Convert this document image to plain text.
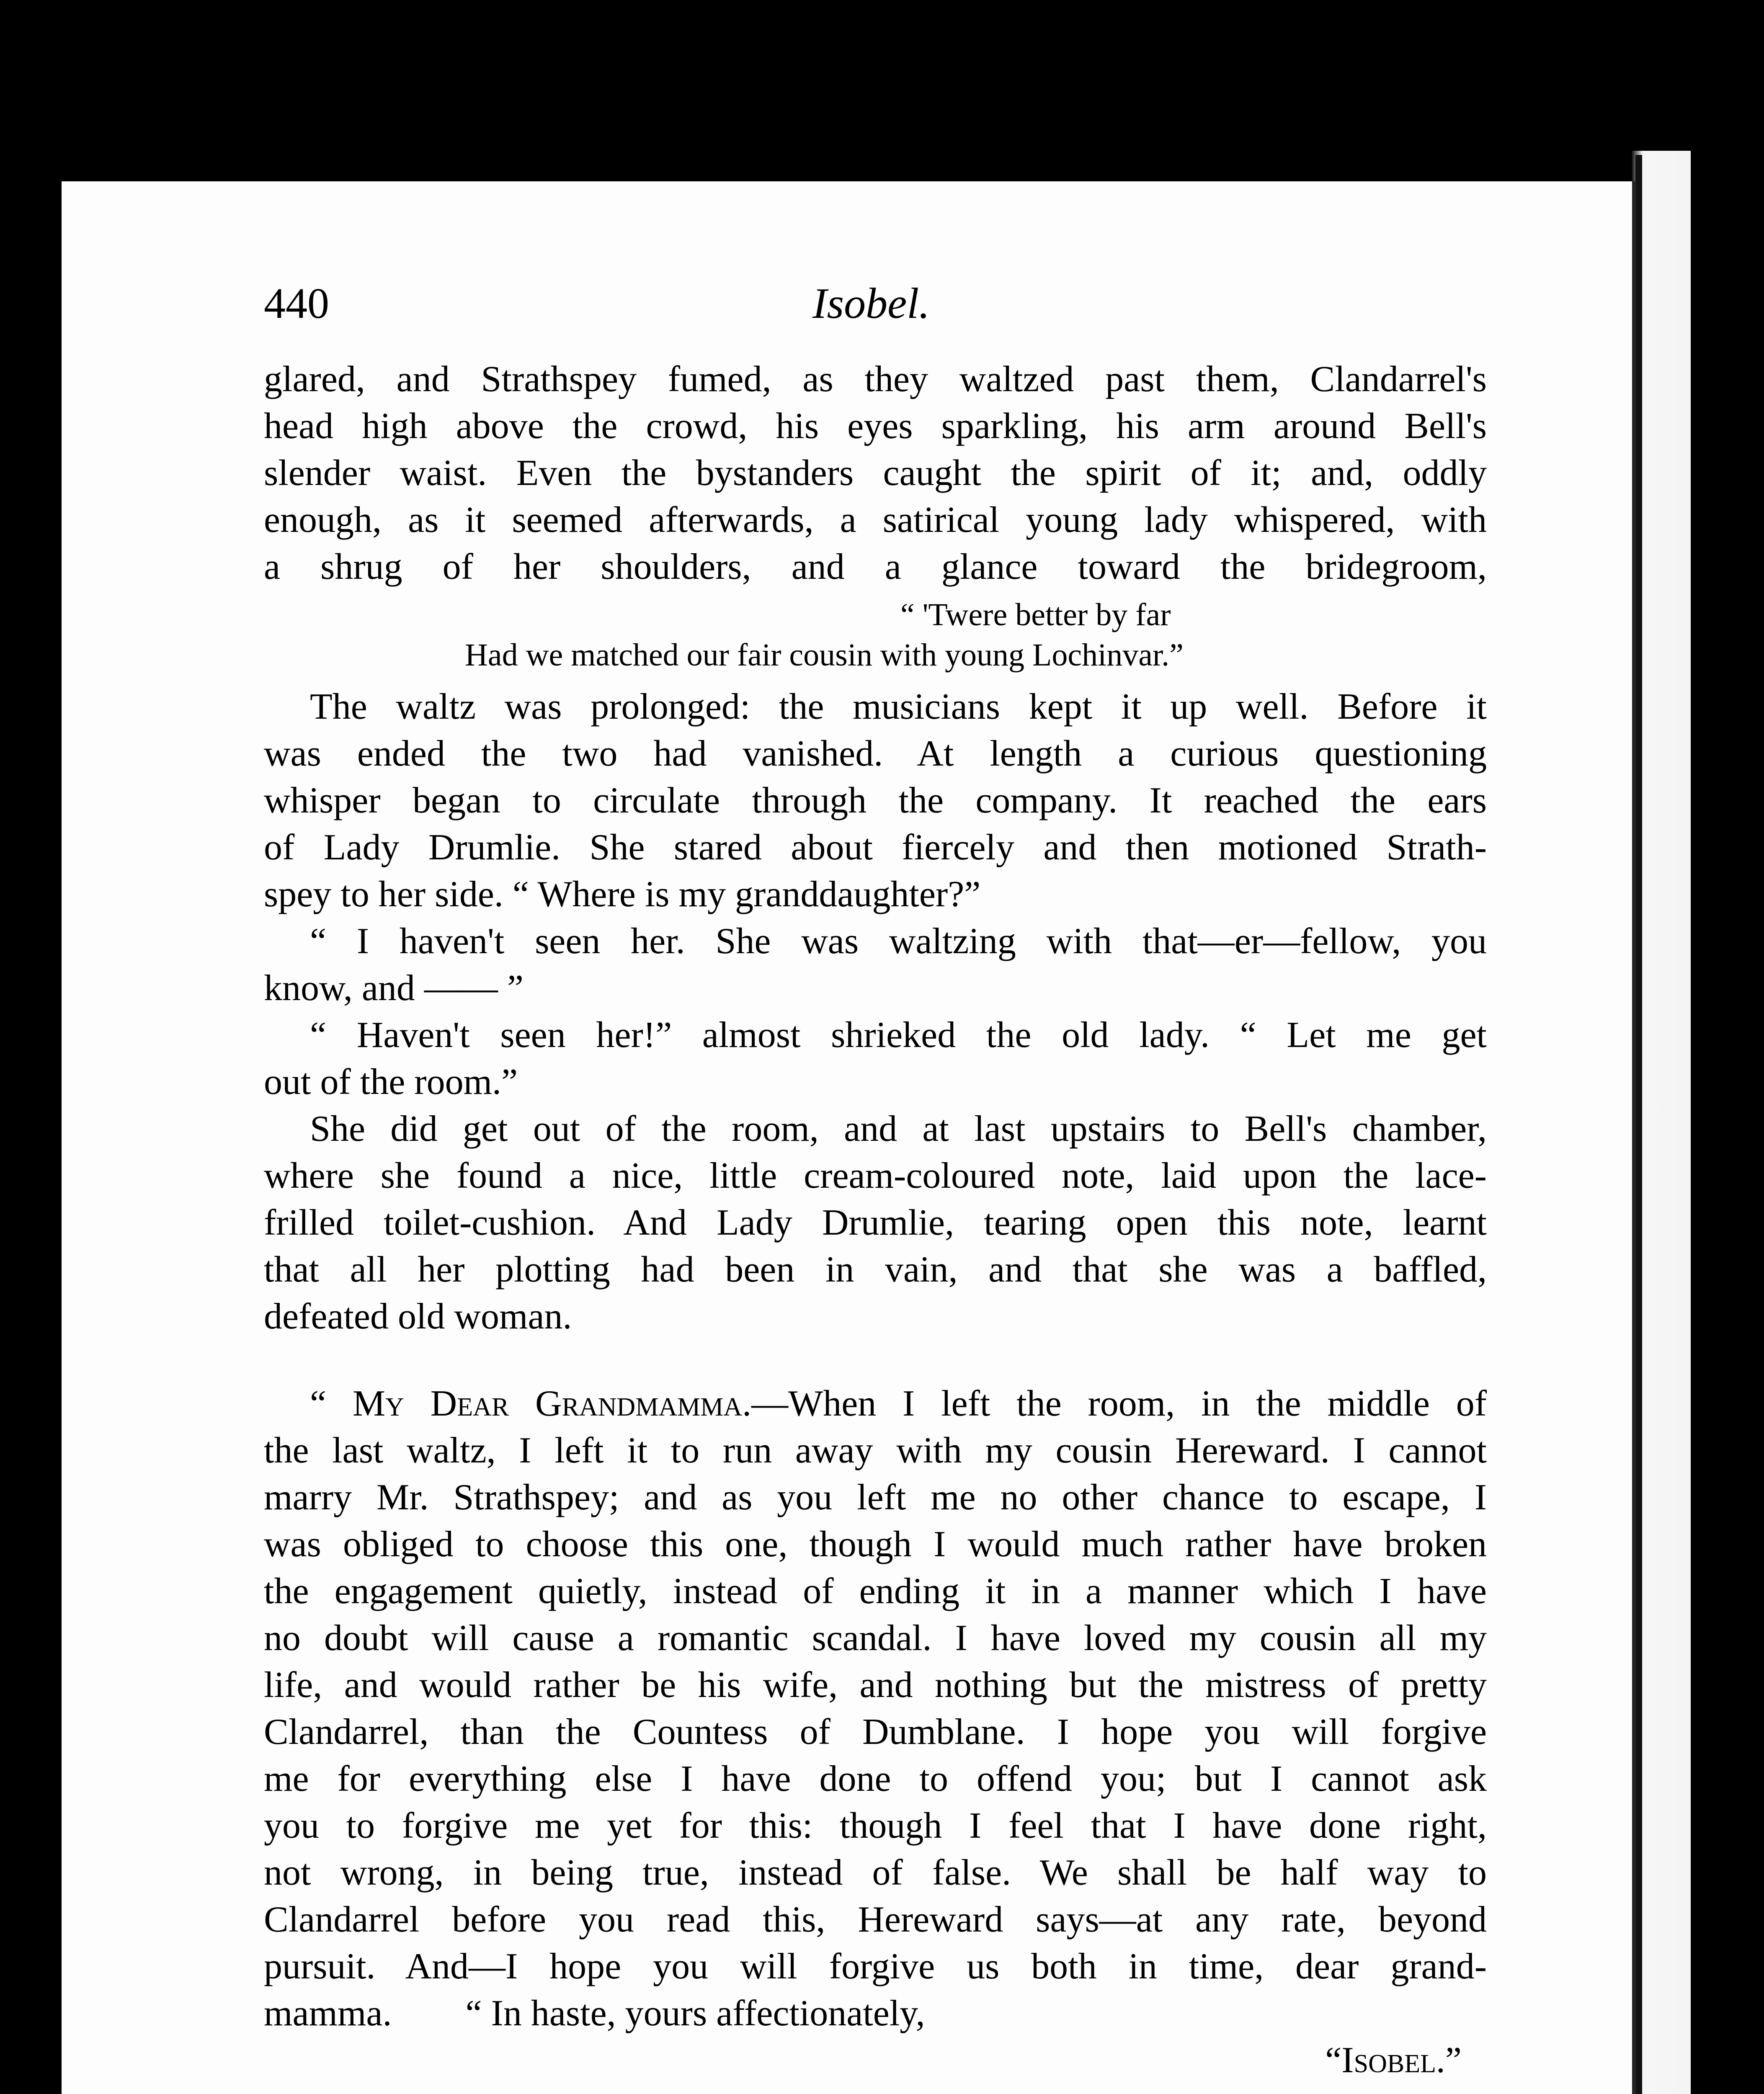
440	Isobel.
glared, and Strathspey fumed, as they waltzed past them, Clandarrel's
head high above the crowd, his eyes sparkling, his arm around Bell's
slender waist. Even the bystanders caught the spirit of it; and, oddly
enough, as it seemed afterwards, a satirical young lady whispered, with
a shrug of her shoulders, and a glance toward the bridegroom,
“ 'Twere better by far
Had we matched our fair cousin with young Lochinvar.”
The waltz was prolonged: the musicians kept it up well. Before it
was ended the two had vanished. At length a curious questioning
whisper began to circulate through the company. It reached the ears
of Lady Drumlie. She stared about fiercely and then motioned Strath-
spey to her side. “ Where is my granddaughter?”
“ I haven't seen her. She was waltzing with that—er—fellow, you
know, and —— ”
“ Haven't seen her!” almost shrieked the old lady. “ Let me get
out of the room.”
She did get out of the room, and at last upstairs to Bell's chamber,
where she found a nice, little cream-coloured note, laid upon the lace-
frilled toilet-cushion. And Lady Drumlie, tearing open this note, learnt
that all her plotting had been in vain, and that she was a baffled,
defeated old woman.
“ My Dear Grandmamma.—When I left the room, in the middle of
the last waltz, I left it to run away with my cousin Hereward. I cannot
marry Mr. Strathspey; and as you left me no other chance to escape, I
was obliged to choose this one, though I would much rather have broken
the engagement quietly, instead of ending it in a manner which I have
no doubt will cause a romantic scandal. I have loved my cousin all my
life, and would rather be his wife, and nothing but the mistress of pretty
Clandarrel, than the Countess of Dumblane. I hope you will forgive
me for everything else I have done to offend you; but I cannot ask
you to forgive me yet for this: though I feel that I have done right,
not wrong, in being true, instead of false. We shall be half way to
Clandarrel before you read this, Hereward says—at any rate, beyond
pursuit. And—I hope you will forgive us both in time, dear grand-
mamma.        “ In haste, yours affectionately,
“Isobel.”
